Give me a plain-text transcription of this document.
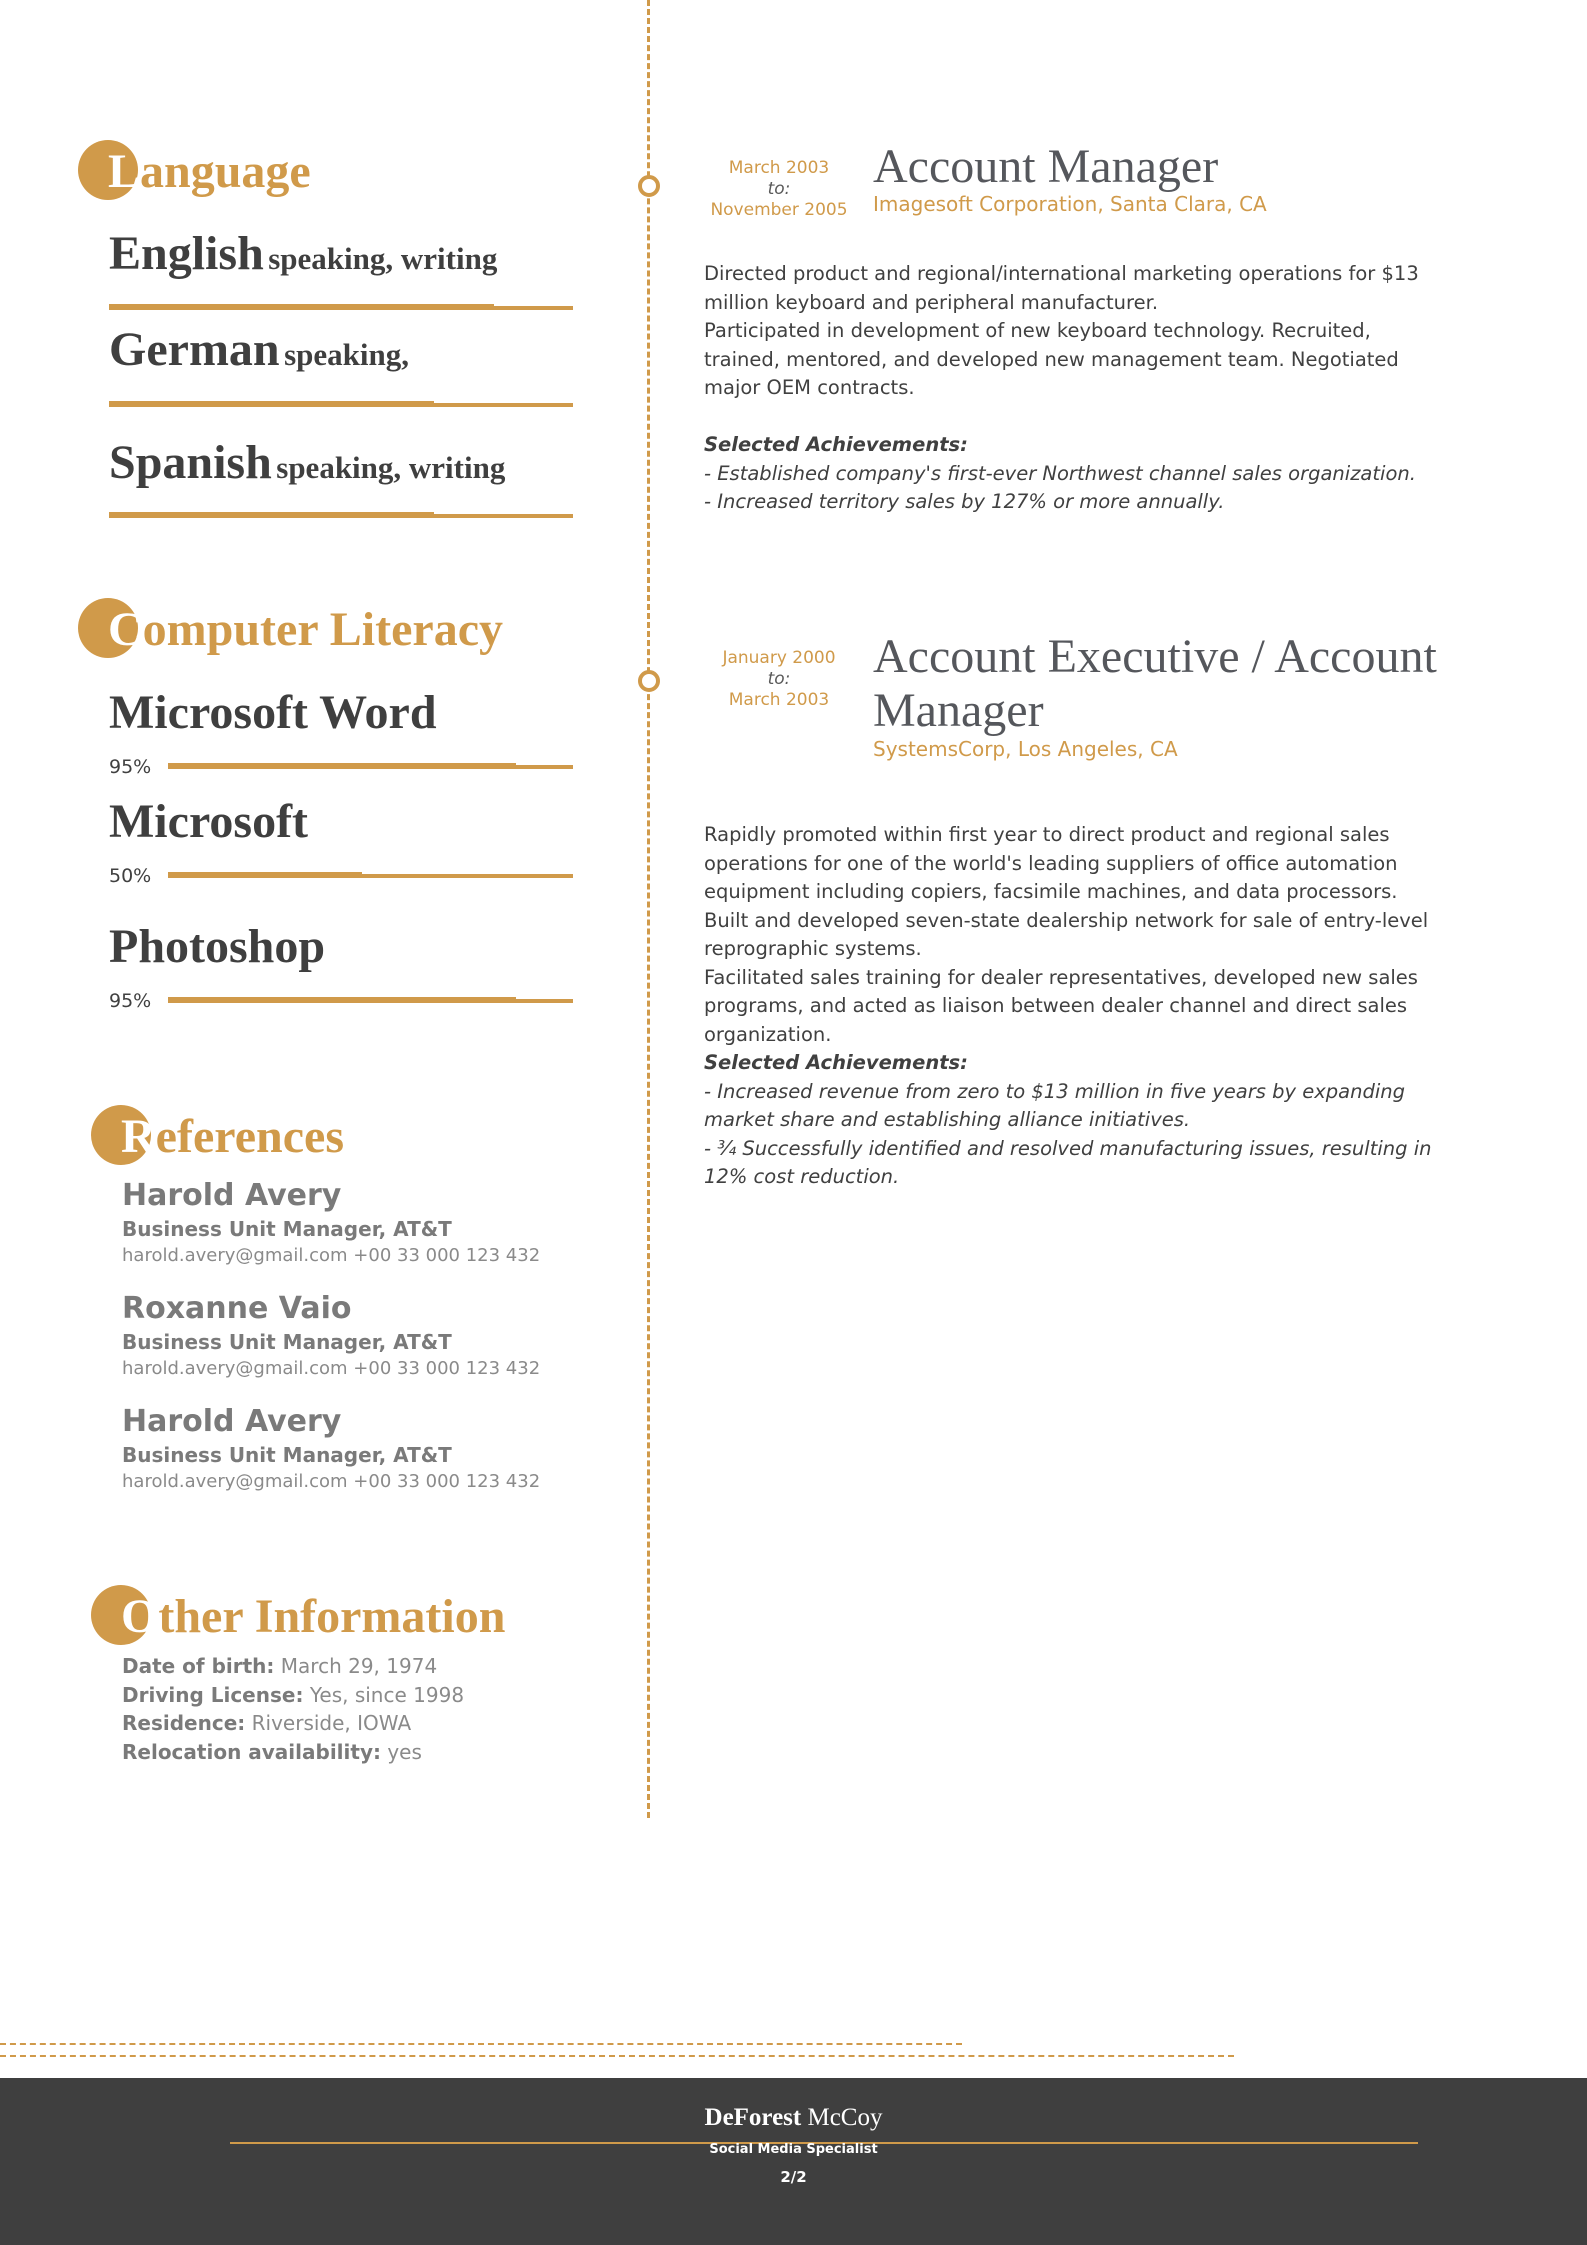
Language
English speaking, writing
German speaking,
Spanish speaking, writing
Computer Literacy
Microsoft Word
95%
Microsoft
50%
Photoshop
95%
References
Harold Avery
Business Unit Manager, AT&T
harold.avery@gmail.com +00 33 000 123 432
Roxanne Vaio
Business Unit Manager, AT&T
harold.avery@gmail.com +00 33 000 123 432
Harold Avery
Business Unit Manager, AT&T
harold.avery@gmail.com +00 33 000 123 432
Other Information
Date of birth: March 29, 1974
Driving License: Yes, since 1998
Residence: Riverside, IOWA
Relocation availability: yes
March 2003
to:
November 2005
Account Manager
Imagesoft Corporation, Santa Clara, CA
Directed product and regional/international marketing operations for $13 million keyboard and peripheral manufacturer.
Participated in development of new keyboard technology. Recruited, trained, mentored, and developed new management team. Negotiated major OEM contracts.
Selected Achievements:
- Established company's first-ever Northwest channel sales organization.
- Increased territory sales by 127% or more annually.
January 2000
to:
March 2003
Account Executive / Account Manager
SystemsCorp, Los Angeles, CA
Rapidly promoted within first year to direct product and regional sales operations for one of the world's leading suppliers of office automation equipment including copiers, facsimile machines, and data processors.
Built and developed seven-state dealership network for sale of entry-level reprographic systems.
Facilitated sales training for dealer representatives, developed new sales programs, and acted as liaison between dealer channel and direct sales organization.
Selected Achievements:
- Increased revenue from zero to $13 million in five years by expanding market share and establishing alliance initiatives.
- ¾ Successfully identified and resolved manufacturing issues, resulting in 12% cost reduction.
DeForest McCoy
Social Media Specialist
2/2
